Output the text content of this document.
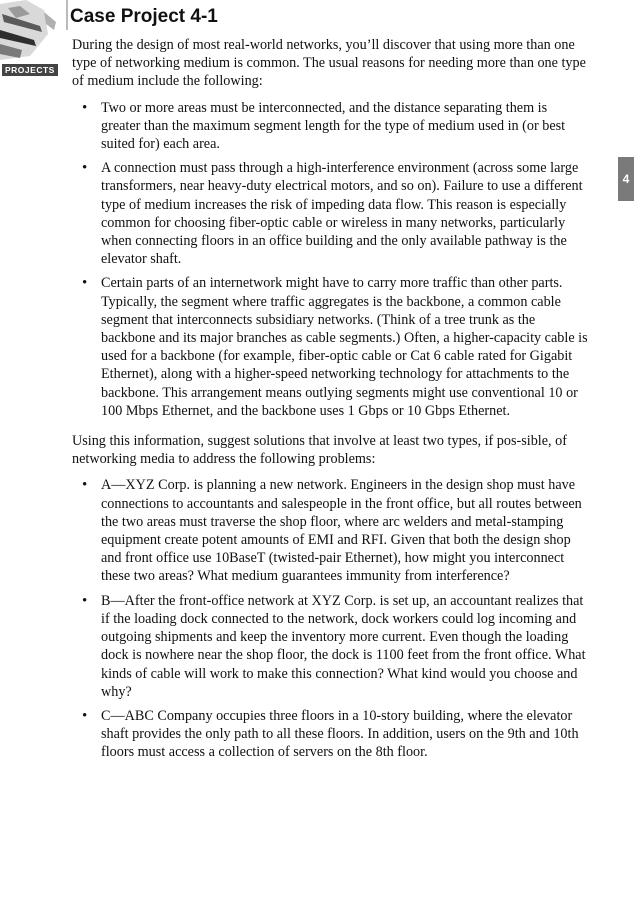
PROJECTS
Case Project 4-1

During the design of most real-world networks, you’ll discover that using more than one type of networking medium is common. The usual reasons for needing more than one type of medium include the following:

• Two or more areas must be interconnected, and the distance separating them is greater than the maximum segment length for the type of medium used in (or best suited for) each area.
• A connection must pass through a high-interference environment (across some large transformers, near heavy-duty electrical motors, and so on). Failure to use a different type of medium increases the risk of impeding data flow. This reason is especially common for choosing fiber-optic cable or wireless in many networks, particularly when connecting floors in an office building and the only available pathway is the elevator shaft.
• Certain parts of an internetwork might have to carry more traffic than other parts. Typically, the segment where traffic aggregates is the backbone, a common cable segment that interconnects subsidiary networks. (Think of a tree trunk as the backbone and its major branches as cable segments.) Often, a higher-capacity cable is used for a backbone (for example, fiber-optic cable or Cat 6 cable rated for Gigabit Ethernet), along with a higher-speed networking technology for attachments to the backbone. This arrangement means outlying segments might use conventional 10 or 100 Mbps Ethernet, and the backbone uses 1 Gbps or 10 Gbps Ethernet.

Using this information, suggest solutions that involve at least two types, if pos-sible, of networking media to address the following problems:

• A—XYZ Corp. is planning a new network. Engineers in the design shop must have connections to accountants and salespeople in the front office, but all routes between the two areas must traverse the shop floor, where arc welders and metal-stamping equipment create potent amounts of EMI and RFI. Given that both the design shop and front office use 10BaseT (twisted-pair Ethernet), how might you interconnect these two areas? What medium guarantees immunity from interference?
• B—After the front-office network at XYZ Corp. is set up, an accountant realizes that if the loading dock connected to the network, dock workers could log incoming and outgoing shipments and keep the inventory more current. Even though the loading dock is nowhere near the shop floor, the dock is 1100 feet from the front office. What kinds of cable will work to make this connection? What kind would you choose and why?
• C—ABC Company occupies three floors in a 10-story building, where the elevator shaft provides the only path to all these floors. In addition, users on the 9th and 10th floors must access a collection of servers on the 8th floor.
4
